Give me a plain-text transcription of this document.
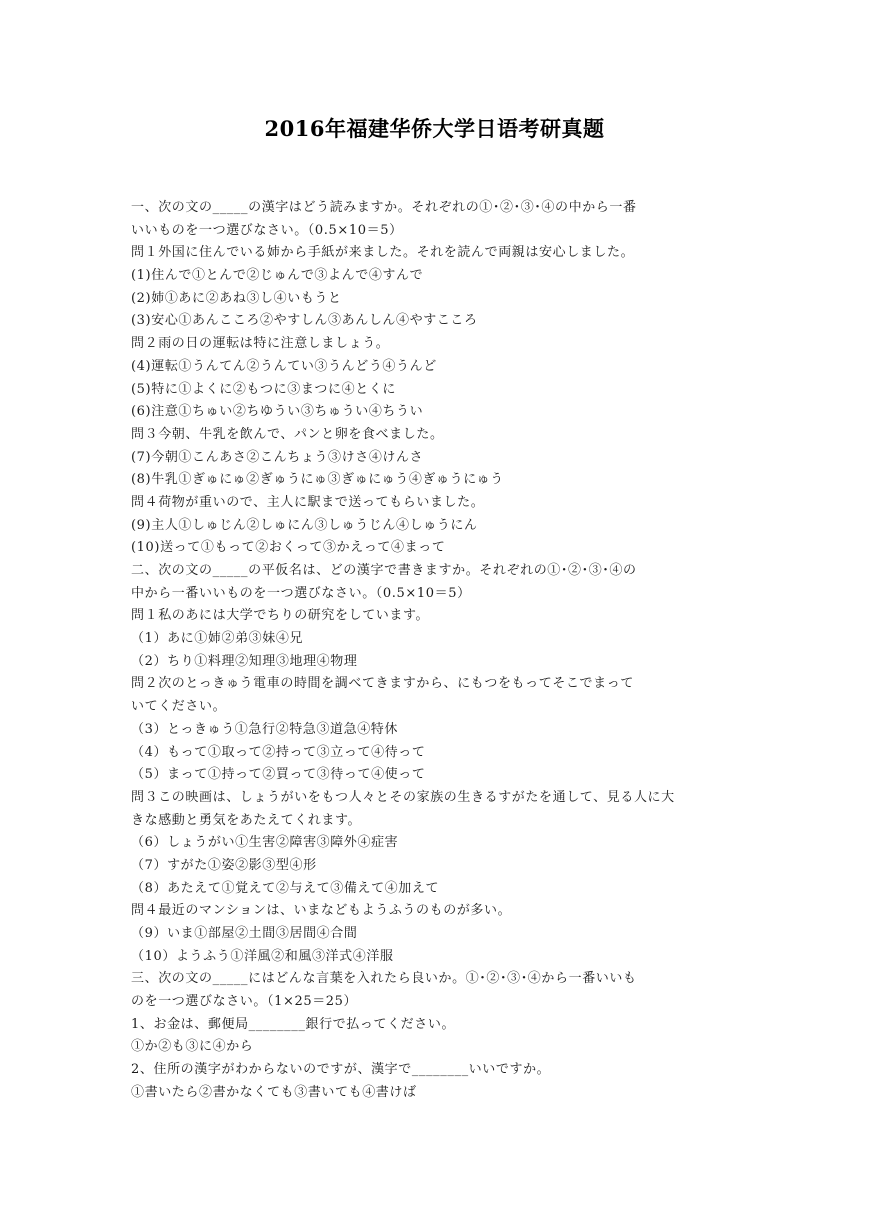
2016年福建华侨大学日语考研真题
一、次の文の_____の漢字はどう読みますか。それぞれの①･②･③･④の中から一番
いいものを一つ選びなさい。（0.5×10＝5）
問１外国に住んでいる姉から手紙が来ました。それを読んで両親は安心しました。
(1)住んで①とんで②じゅんで③よんで④すんで
(2)姉①あに②あね③し④いもうと
(3)安心①あんこころ②やすしん③あんしん④やすこころ
問２雨の日の運転は特に注意しましょう。
(4)運転①うんてん②うんてい③うんどう④うんど
(5)特に①よくに②もつに③まつに④とくに
(6)注意①ちゅい②ちゆうい③ちゅうい④ちうい
問３今朝、牛乳を飲んで、パンと卵を食べました。
(7)今朝①こんあさ②こんちょう③けさ④けんさ
(8)牛乳①ぎゅにゅ②ぎゅうにゅ③ぎゅにゅう④ぎゅうにゅう
問４荷物が重いので、主人に駅まで送ってもらいました。
(9)主人①しゅじん②しゅにん③しゅうじん④しゅうにん
(10)送って①もって②おくって③かえって④まって
二、次の文の_____の平仮名は、どの漢字で書きますか。それぞれの①･②･③･④の
中から一番いいものを一つ選びなさい。（0.5×10＝5）
問１私のあには大学でちりの研究をしています。
（1）あに①姉②弟③妹④兄
（2）ちり①料理②知理③地理④物理
問２次のとっきゅう電車の時間を調べてきますから、にもつをもってそこでまって
いてください。
（3）とっきゅう①急行②特急③道急④特休
（4）もって①取って②持って③立って④待って
（5）まって①持って②買って③待って④使って
問３この映画は、しょうがいをもつ人々とその家族の生きるすがたを通して、見る人に大
きな感動と勇気をあたえてくれます。
（6）しょうがい①生害②障害③障外④症害
（7）すがた①姿②影③型④形
（8）あたえて①覚えて②与えて③備えて④加えて
問４最近のマンションは、いまなどもようふうのものが多い。
（9）いま①部屋②土間③居間④合間
（10）ようふう①洋風②和風③洋式④洋服
三、次の文の_____にはどんな言葉を入れたら良いか。①･②･③･④から一番いいも
のを一つ選びなさい。（1×25＝25）
1、お金は、郵便局________銀行で払ってください。
①か②も③に④から
2、住所の漢字がわからないのですが、漢字で________いいですか。
①書いたら②書かなくても③書いても④書けば
